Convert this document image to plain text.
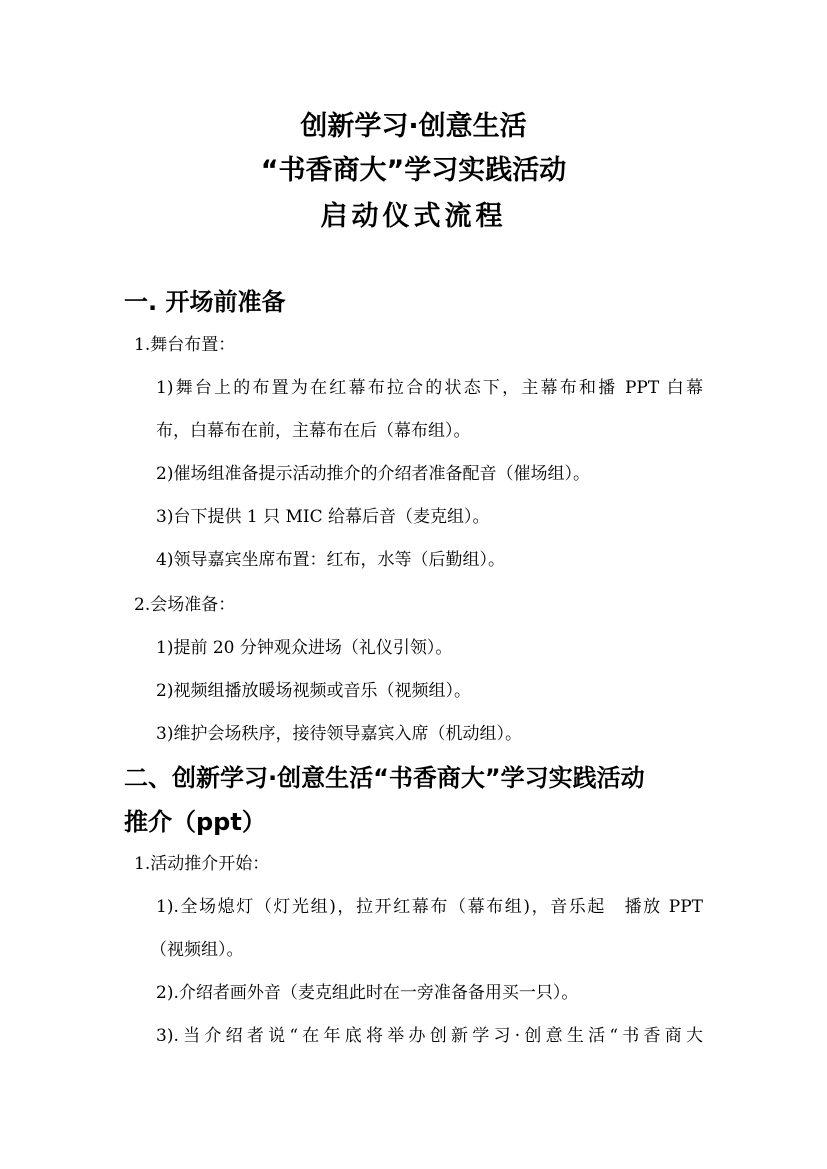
创新学习·创意生活
“书香商大”学习实践活动
启动仪式流程
一. 开场前准备
1.舞台布置：
1)舞台上的布置为在红幕布拉合的状态下，主幕布和播 PPT 白幕
布，白幕布在前，主幕布在后（幕布组）。
2)催场组准备提示活动推介的介绍者准备配音（催场组）。
3)台下提供 1 只 MIC 给幕后音（麦克组）。
4)领导嘉宾坐席布置：红布，水等（后勤组）。
2.会场准备：
1)提前 20 分钟观众进场（礼仪引领）。
2)视频组播放暖场视频或音乐（视频组）。
3)维护会场秩序，接待领导嘉宾入席（机动组）。
二、创新学习·创意生活“书香商大”学习实践活动
推介（ppt）
1.活动推介开始：
1).全场熄灯（灯光组)，拉开红幕布（幕布组)，音乐起　播放 PPT
（视频组）。
2).介绍者画外音（麦克组此时在一旁准备备用买一只）。
3).当介绍者说“在年底将举办创新学习·创意生活“书香商大
